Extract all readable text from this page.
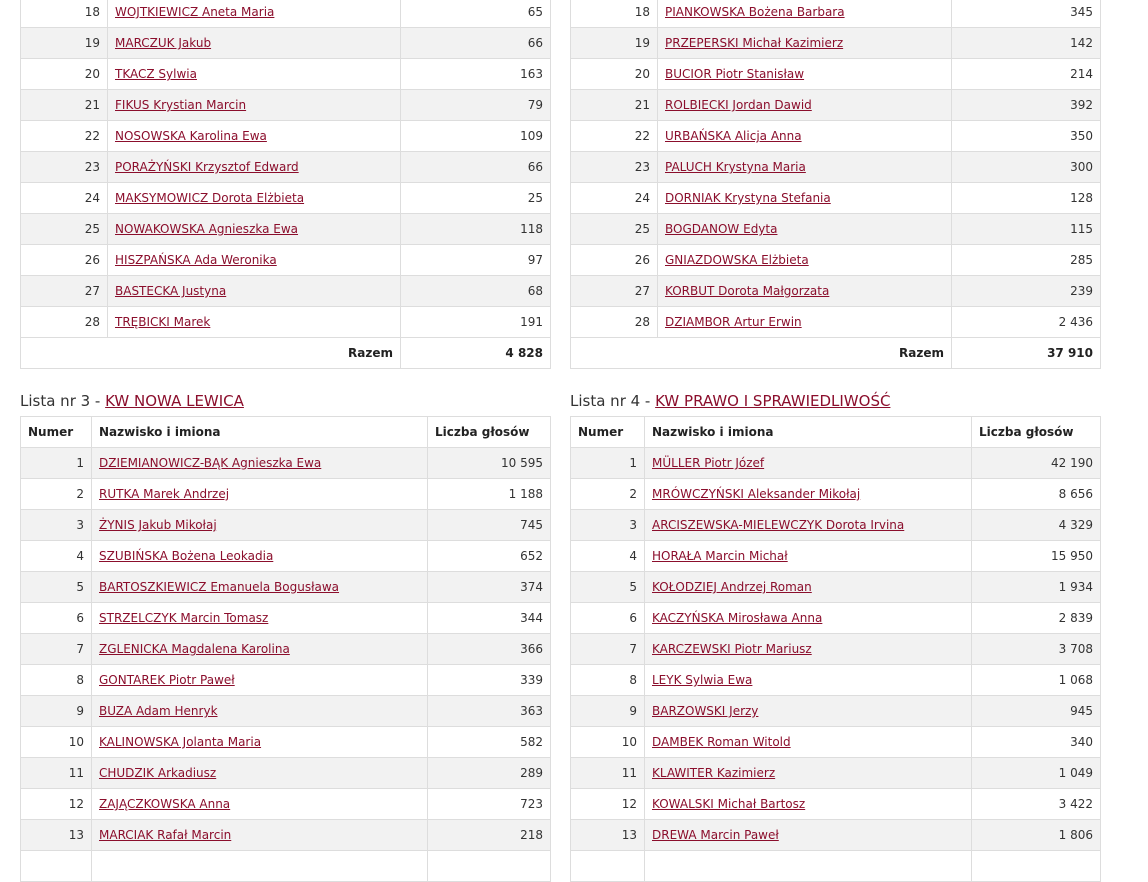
18	WOJTKIEWICZ Aneta Maria	65
19	MARCZUK Jakub	66
20	TKACZ Sylwia	163
21	FIKUS Krystian Marcin	79
22	NOSOWSKA Karolina Ewa	109
23	PORAŻYŃSKI Krzysztof Edward	66
24	MAKSYMOWICZ Dorota Elżbieta	25
25	NOWAKOWSKA Agnieszka Ewa	118
26	HISZPAŃSKA Ada Weronika	97
27	BASTECKA Justyna	68
28	TRĘBICKI Marek	191
Razem		4 828
18	PIANKOWSKA Bożena Barbara	345
19	PRZEPERSKI Michał Kazimierz	142
20	BUCIOR Piotr Stanisław	214
21	ROLBIECKI Jordan Dawid	392
22	URBAŃSKA Alicja Anna	350
23	PALUCH Krystyna Maria	300
24	DORNIAK Krystyna Stefania	128
25	BOGDANOW Edyta	115
26	GNIAZDOWSKA Elżbieta	285
27	KORBUT Dorota Małgorzata	239
28	DZIAMBOR Artur Erwin	2 436
Razem		37 910
Lista nr 3 - KW NOWA LEWICA
Numer	Nazwisko i imiona	Liczba głosów
1	DZIEMIANOWICZ-BĄK Agnieszka Ewa	10 595
2	RUTKA Marek Andrzej	1 188
3	ŻYNIS Jakub Mikołaj	745
4	SZUBIŃSKA Bożena Leokadia	652
5	BARTOSZKIEWICZ Emanuela Bogusława	374
6	STRZELCZYK Marcin Tomasz	344
7	ZGLENICKA Magdalena Karolina	366
8	GONTAREK Piotr Paweł	339
9	BUZA Adam Henryk	363
10	KALINOWSKA Jolanta Maria	582
11	CHUDZIK Arkadiusz	289
12	ZAJĄCZKOWSKA Anna	723
13	MARCIAK Rafał Marcin	218

Lista nr 4 - KW PRAWO I SPRAWIEDLIWOŚĆ
Numer	Nazwisko i imiona	Liczba głosów
1	MÜLLER Piotr Józef	42 190
2	MRÓWCZYŃSKI Aleksander Mikołaj	8 656
3	ARCISZEWSKA-MIELEWCZYK Dorota Irvina	4 329
4	HORAŁA Marcin Michał	15 950
5	KOŁODZIEJ Andrzej Roman	1 934
6	KACZYŃSKA Mirosława Anna	2 839
7	KARCZEWSKI Piotr Mariusz	3 708
8	LEYK Sylwia Ewa	1 068
9	BARZOWSKI Jerzy	945
10	DAMBEK Roman Witold	340
11	KLAWITER Kazimierz	1 049
12	KOWALSKI Michał Bartosz	3 422
13	DREWA Marcin Paweł	1 806
